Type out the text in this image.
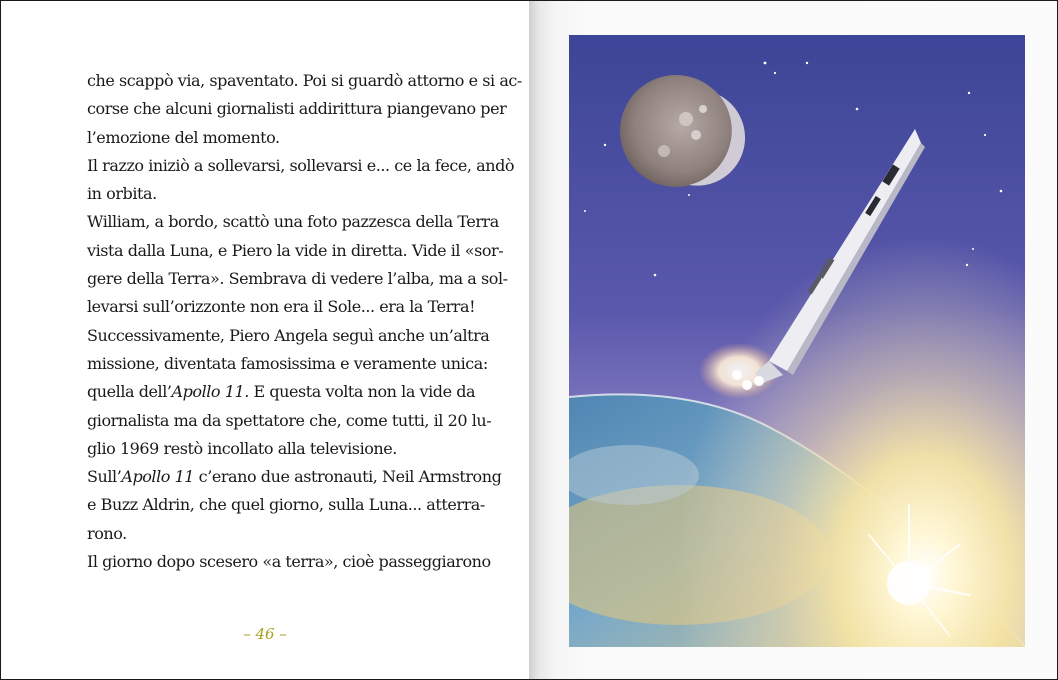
che scappò via, spaventato. Poi si guardò attorno e si ac-
corse che alcuni giornalisti addirittura piangevano per
l’emozione del momento.
Il razzo iniziò a sollevarsi, sollevarsi e... ce la fece, andò
in orbita.
William, a bordo, scattò una foto pazzesca della Terra
vista dalla Luna, e Piero la vide in diretta. Vide il «sor-
gere della Terra». Sembrava di vedere l’alba, ma a sol-
levarsi sull’orizzonte non era il Sole... era la Terra!
Successivamente, Piero Angela seguì anche un’altra
missione, diventata famosissima e veramente unica:
quella dell’Apollo 11. E questa volta non la vide da
giornalista ma da spettatore che, come tutti, il 20 lu-
glio 1969 restò incollato alla televisione.
Sull’Apollo 11 c’erano due astronauti, Neil Armstrong
e Buzz Aldrin, che quel giorno, sulla Luna... atterra-
rono.
Il giorno dopo scesero «a terra», cioè passeggiarono
– 46 –
